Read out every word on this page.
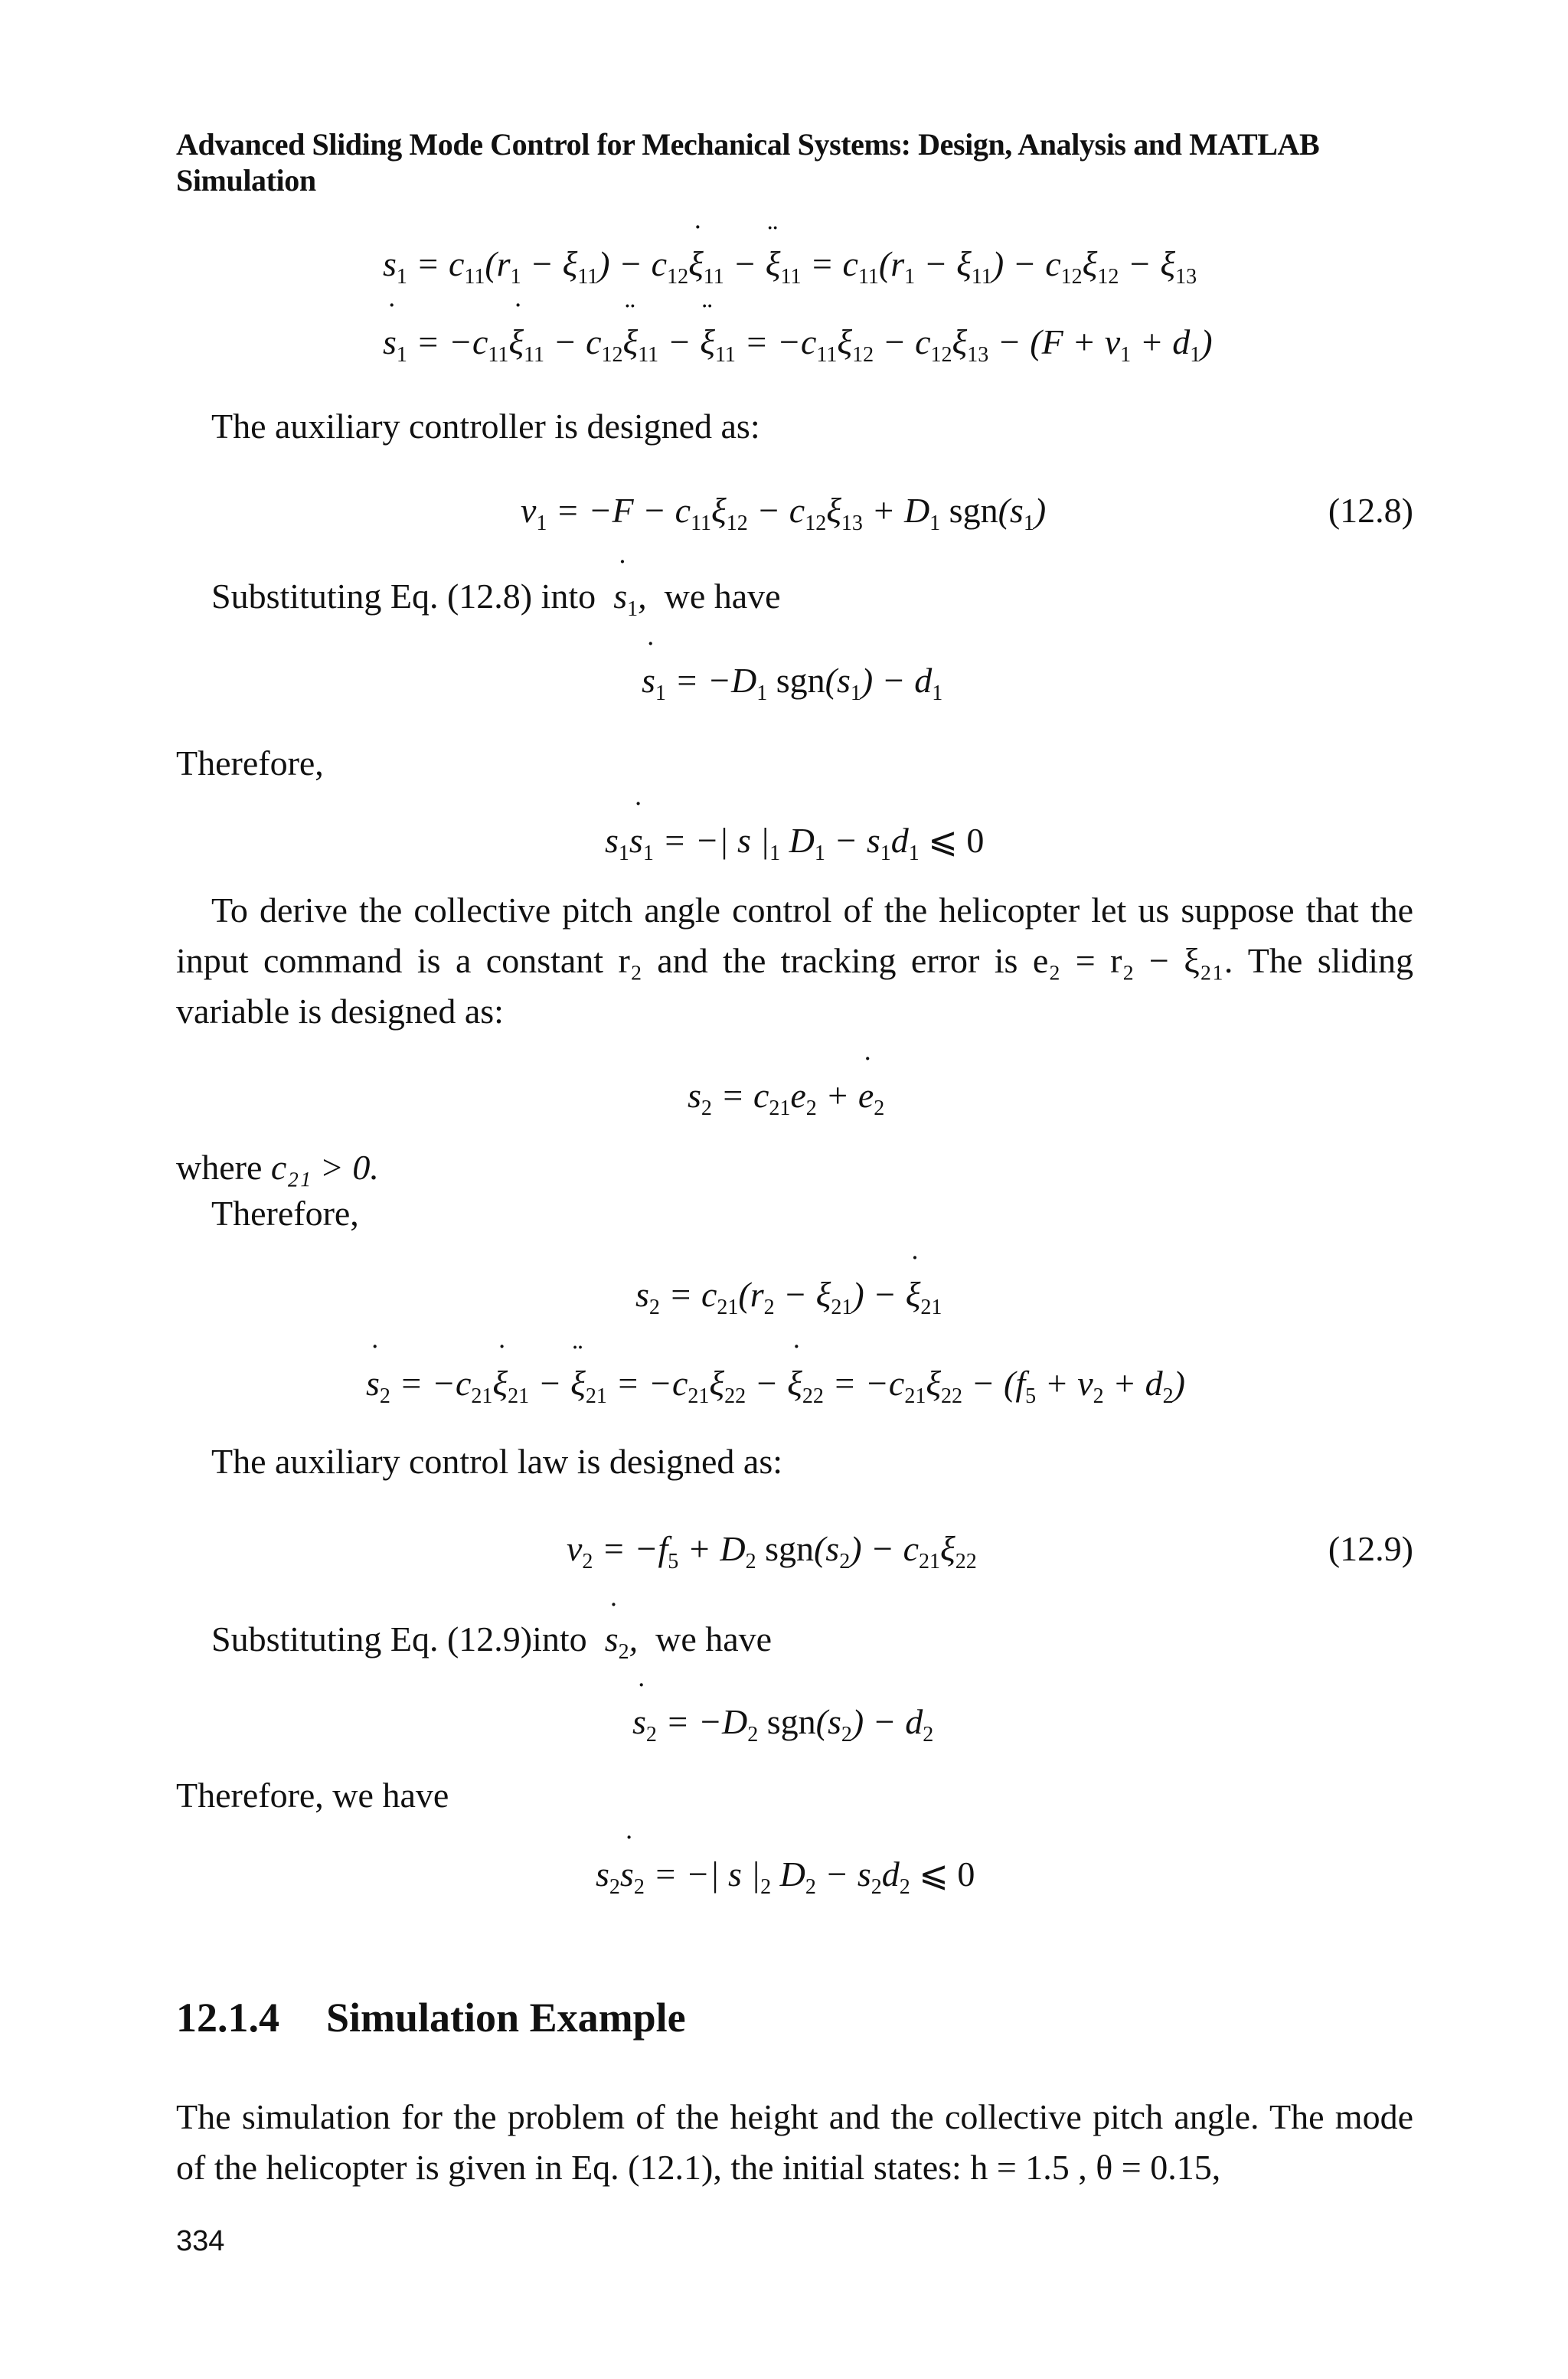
Advanced Sliding Mode Control for Mechanical Systems: Design, Analysis and MATLAB Simulation
$s_1 = c_{11}(r_1 - \xi_{11}) - c_{12}\xi$ $˙_{11} - \xi$ $¨_{11} = c_{11}(r_1 - \xi_{11}) - c_{12}\xi_{12} - \xi_{13}$
s $˙_1 = -c_{11}\xi$ $˙_{11} - c_{12}\xi$ $¨_{11} - \xi$ $¨_{11} = -c_{11}\xi_{12} - c_{12}\xi_{13} - (F + v_1 + d_1)$
The auxiliary controller is designed as:
$v_1 = -F - c_{11}\xi_{12} - c_{12}\xi_{13} + D_1$ $sgn(s_1)$	(12.8)
Substituting Eq. (12.8) into s $˙_1$,  we have
s $˙_1 = -D_1$ $sgn(s_1) - d_1$
Therefore,
$s_1s$ $˙_1$ = −| s $|_1$ $D_1 - s_1d_1$ ⩽ 0
To derive the collective pitch angle control of the helicopter let us suppose that the input command is a constant r₂ and the tracking error is e₂ = r₂ − ξ₂₁. The sliding variable is designed as:
$s_2 = c_{21}e_2 + e$ $˙_2$
where c₂₁ > 0.
Therefore,
$s_2 = c_{21}(r_2 - \xi_{21}) - \xi$ $˙_{21}$
s $˙_2 = -c_{21}\xi$ $˙_{21} - \xi$ $¨_{21} = -c_{21}\xi_{22} - \xi$ $˙_{22} = -c_{21}\xi_{22} - (f_5 + v_2 + d_2)$
The auxiliary control law is designed as:
$v_2 = -f_5 + D_2$ $sgn(s_2) - c_{21}\xi_{22}$	(12.9)
Substituting Eq. (12.9)into s $˙_2$,  we have
s $˙_2 = -D_2$ $sgn(s_2) - d_2$
Therefore, we have
$s_2s$ $˙_2$ = −| s $|_2$ $D_2 - s_2d_2$ ⩽ 0
12.1.4 Simulation Example
The simulation for the problem of the height and the collective pitch angle. The mode of the helicopter is given in Eq. (12.1), the initial states: h = 1.5 , θ = 0.15,
334
